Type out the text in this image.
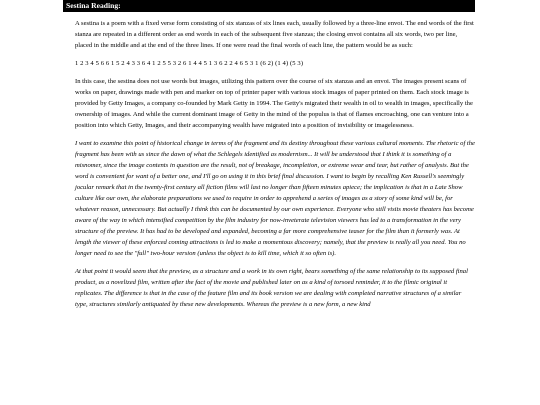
Sestina Reading:

A sestina is a poem with a fixed verse form consisting of six stanzas of six lines each, usually followed by a three-line envoi. The end words of the first stanza are repeated in a different order as end words in each of the subsequent five stanzas; the closing envoi contains all six words, two per line, placed in the middle and at the end of the three lines. If one were read the final words of each line, the pattern would be as such:

1 2 3 4 5 6 6 1 5 2 4 3 3 6 4 1 2 5 5 3 2 6 1 4 4 5 1 3 6 2 2 4 6 5 3 1 (6 2) (1 4) (5 3)

In this case, the sestina does not use words but images, utilizing this pattern over the course of six stanzas and an envoi. The images present scans of works on paper, drawings made with pen and marker on top of printer paper with various stock images of paper printed on them. Each stock image is provided by Getty Images, a company co-founded by Mark Getty in 1994. The Getty's migrated their wealth in oil to wealth in images, specifically the ownership of images. And while the current dominant image of Getty in the mind of the populus is that of flames encroaching, one can venture into a position into which Getty, Images, and their accompanying wealth have migrated into a position of invisibility or imagelessness.

I want to examine this point of historical change in terms of the fragment and its destiny throughout these various cultural moments. The rhetoric of the fragment has been with us since the dawn of what the Schlegels identified as modernism... It will be understood that I think it is something of a misnomer, since the image contents in question are the result, not of breakage, incompletion, or extreme wear and tear, but rather of analysis. But the word is convenient for want of a better one, and I'll go on using it in this brief final discussion. I want to begin by recalling Ken Russell's seemingly jocular remark that in the twenty-first century all fiction films will last no longer than fifteen minutes apiece; the implication is that in a Late Show culture like our own, the elaborate preparations we used to require in order to apprehend a series of images as a story of some kind will be, for whatever reason, unnecessary. But actually I think this can be documented by our own experience. Everyone who still visits movie theaters has become aware of the way in which intensified competition by the film industry for now-inveterate television viewers has led to a transformation in the very structure of the preview. It has had to be developed and expanded, becoming a far more comprehensive teaser for the film than it formerly was. At length the viewer of these enforced coming attractions is led to make a momentous discovery; namely, that the preview is really all you need. You no longer need to see the "full" two-hour version (unless the object is to kill time, which it so often is).

At that point it would seem that the preview, as a structure and a work in its own right, bears something of the same relationship to its supposed final product, as a novelized film, written after the fact of the movie and published later on as a kind of torsoed reminder, it to the filmic original it replicates. The difference is that in the case of the feature film and its book version we are dealing with completed narrative structures of a similar type, structures similarly antiquated by these new developments. Whereas the preview is a new form, a new kind
